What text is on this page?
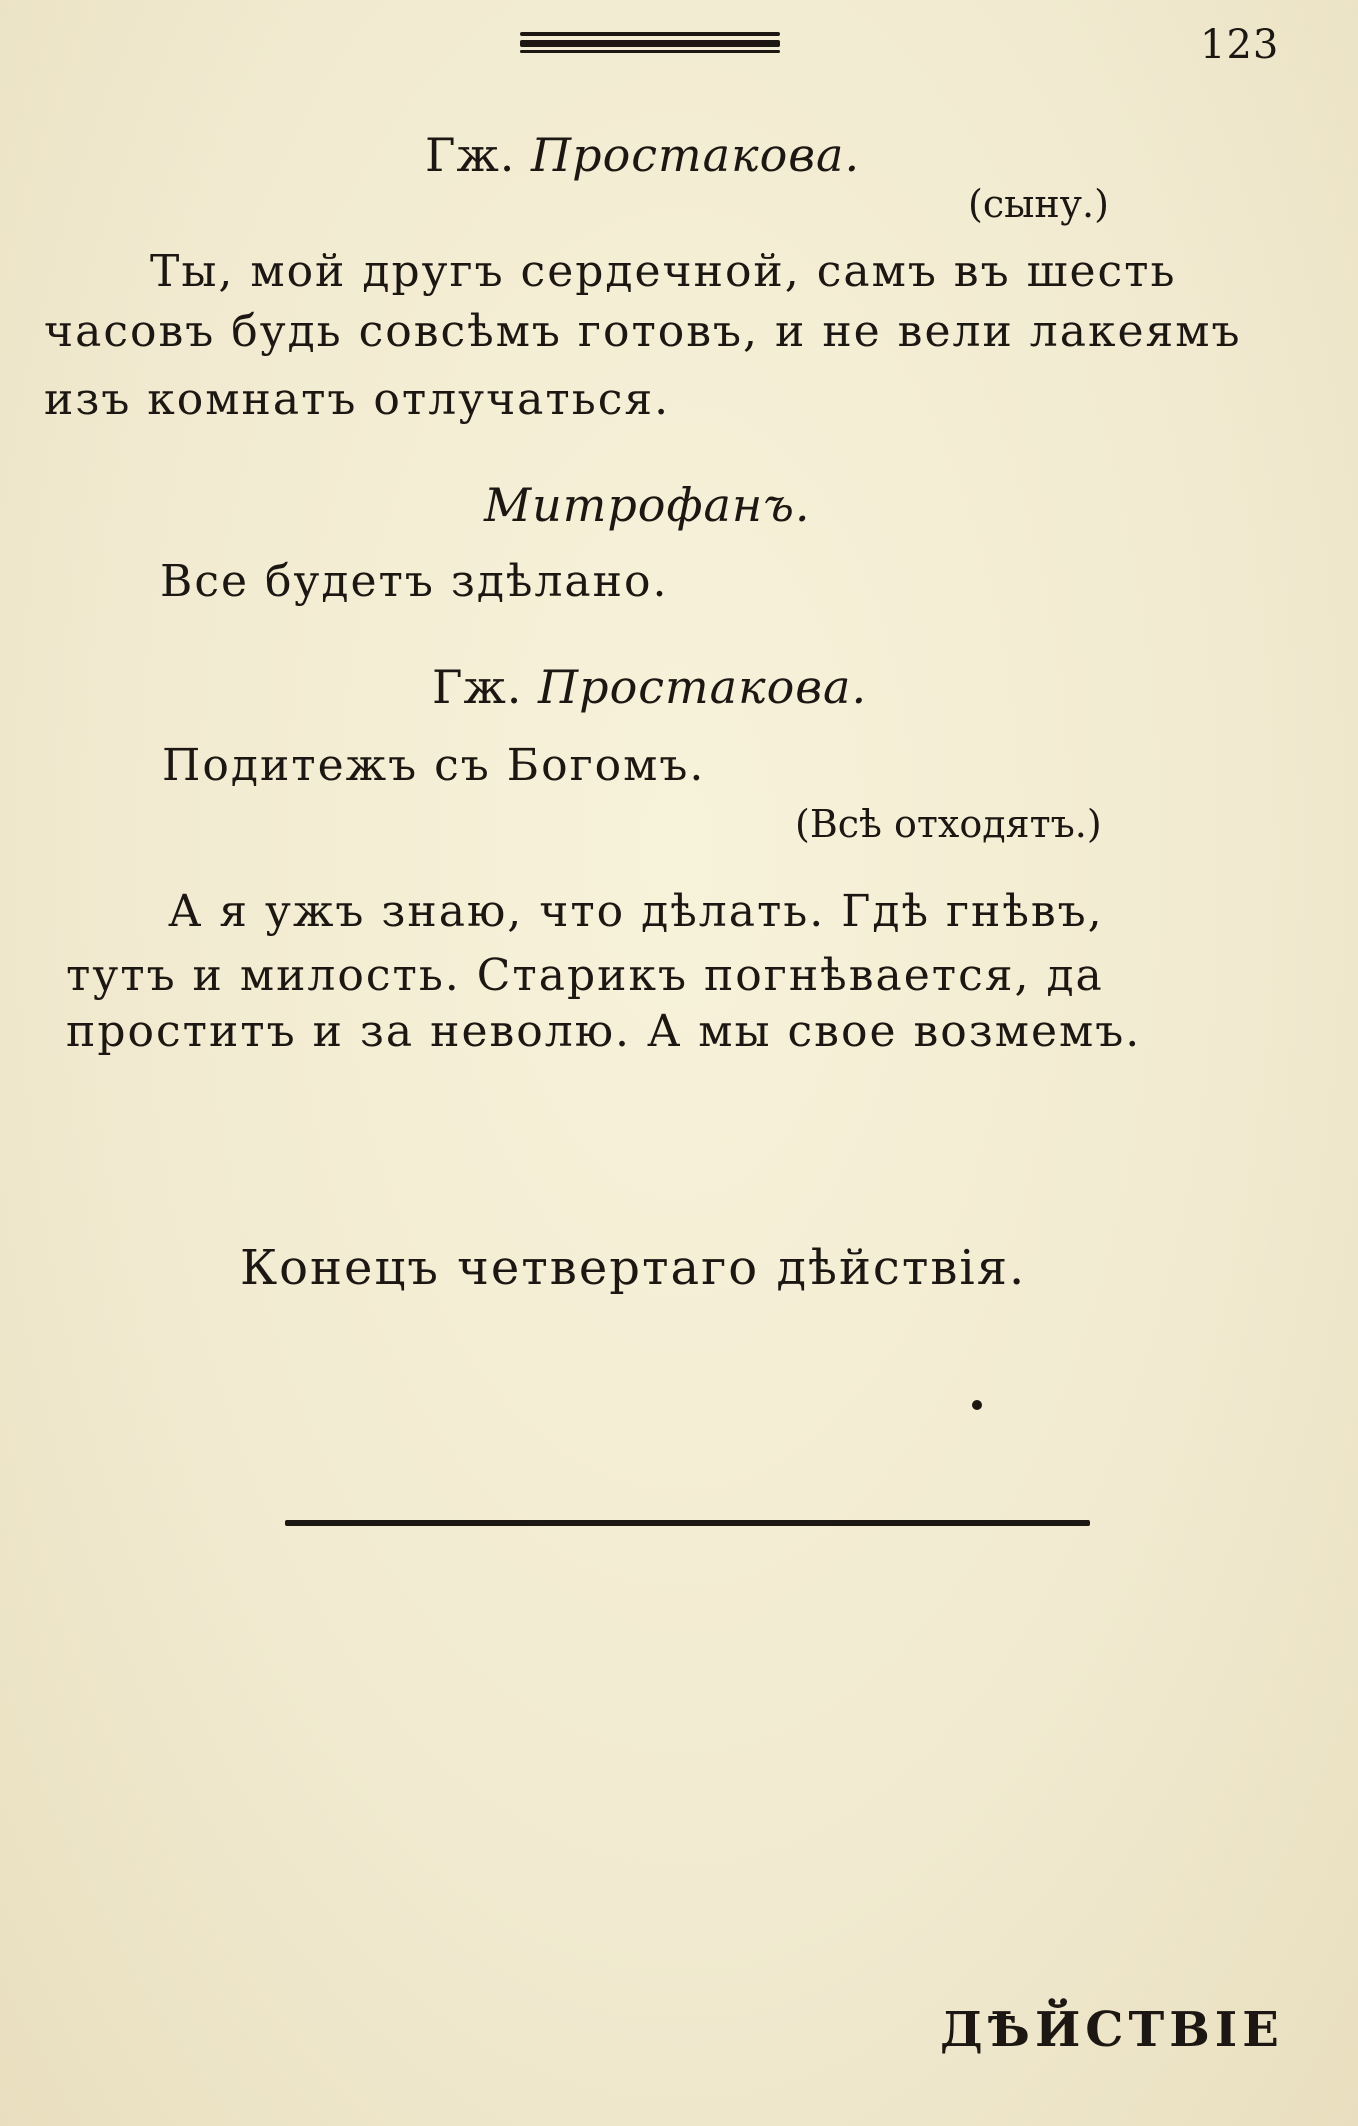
123
Гж. Простакова.
(сыну.)
Ты, мой другъ сердечной, самъ въ шесть
часовъ будь совсѣмъ готовъ, и не вели лакеямъ
изъ комнатъ отлучаться.
Митрофанъ.
Все будетъ здѣлано.
Гж. Простакова.
Подитежъ съ Богомъ.
(Всѣ отходятъ.)
А я ужъ знаю, что дѣлать. Гдѣ гнѣвъ,
тутъ и милость. Старикъ погнѣвается, да
проститъ и за неволю. А мы свое возмемъ.
Конецъ четвертаго дѣйствія.
ДѢЙСТВІЕ
